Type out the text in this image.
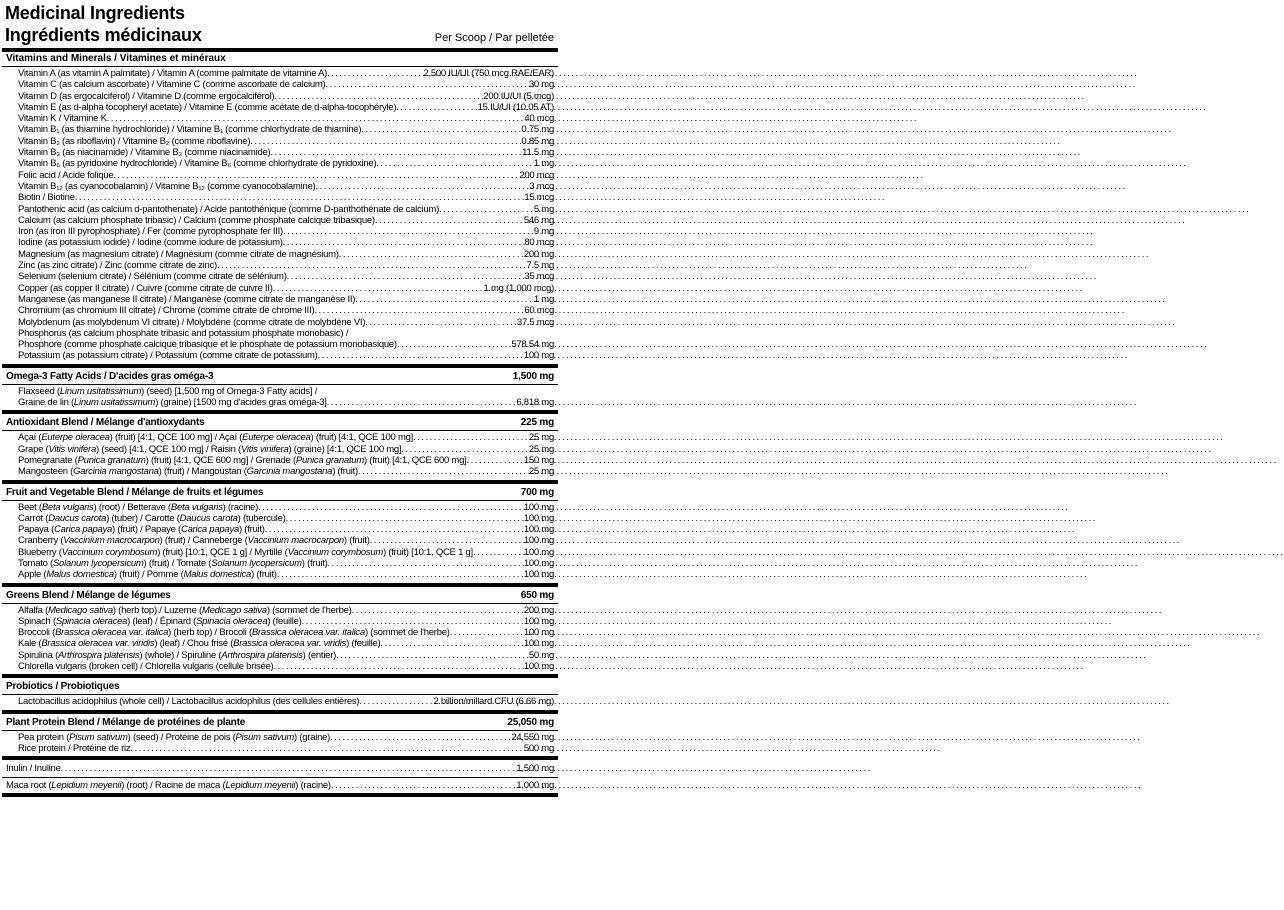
Medicinal Ingredients
Ingrédients médicinaux	Per Scoop / Par pelletée
Vitamins and Minerals / Vitamines et minéraux
Vitamin A (as vitamin A palmitate) / Vitamin A (comme palmitate de vitamine A) .....	2,500 IU/UI (750 mcg RAE/EAR)
Vitamin C (as calcium ascorbate) / Vitamine C (comme ascorbate de calcium) .....	30 mg
Vitamin D (as ergocalciferol) / Vitamine D (comme ergocalciférol) .....	200 IU/UI (5 mcg)
Vitamin E (as d-alpha tocopheryl acetate) / Vitamine E (comme acétate de d-alpha-tocophéryle) .....	15 IU/UI (10.05 AT)
Vitamin K / Vitamine K .....	40 mcg
Vitamin B₁ (as thiamine hydrochloride) / Vitamine B₁ (comme chlorhydrate de thiamine) .....	0.75 mg
Vitamin B₂ (as riboflavin) / Vitamine B₂ (comme riboflavine) .....	0.85 mg
Vitamin B₃ (as niacinamide) / Vitamine B₃ (comme niacinamide) .....	11.5 mg
Vitamin B₆ (as pyridoxine hydrochloride) / Vitamine B₆ (comme chlorhydrate de pyridoxine) .....	1 mg
Folic acid / Acide folique .....	200 mcg
Vitamin B₁₂ (as cyanocobalamin) / Vitamine B₁₂ (comme cyanocobalamine) .....	3 mcg
Biotin / Biotine .....	15 mcg
Pantothenic acid (as calcium d-pantothenate) / Acide pantothénique (comme D-panthothénate de calcium) .....	5 mg
Calcium (as calcium phosphate tribasic) / Calcium (comme phosphate calcique tribasique) .....	546 mg
Iron (as iron III pyrophosphate) / Fer (comme pyrophosphate fer III) .....	9 mg
Iodine (as potassium iodide) / Iodine (comme iodure de potassium) .....	80 mcg
Magnesium (as magnesium citrate) / Magnésium (comme citrate de magnésium) .....	200 mg
Zinc (as zinc citrate) / Zinc (comme citrate de zinc) .....	7.5 mg
Selenium (selenium citrate) / Sélénium (comme citrate de sélénium) .....	35 mcg
Copper (as copper II citrate) / Cuivre (comme citrate de cuivre II) .....	1 mg (1,000 mcg)
Manganese (as manganese II citrate) / Manganèse (comme citrate de manganèse II) .....	1 mg
Chromium (as chromium III citrate) / Chrome (comme citrate de chrome III) .....	60 mcg
Molybdenum (as molybdenum VI citrate) / Molybdène (comme citrate de molybdène VI) .....	37.5 mcg
Phosphorus (as calcium phosphate tribasic and potassium phosphate monobasic) /
Phosphore (comme phosphate calcique tribasique et le phosphate de potassium monobasique) .....	578.54 mg
Potassium (as potassium citrate) / Potassium (comme citrate de potassium) .....	100 mg
Omega-3 Fatty Acids / D'acides gras oméga-3	1,500 mg
Flaxseed (Linum usitatissimum) (seed) [1,500 mg of Omega-3 Fatty acids] /
Graine de lin (Linum usitatissimum) (graine) [1500 mg d'acides gras oméga-3] .....	6,818 mg
Antioxidant Blend / Mélange d'antioxydants	225 mg
Açaí (Euterpe oleracea) (fruit) [4:1, QCE 100 mg] / Açaí (Euterpe oleracea) (fruit) [4:1, QCE 100 mg] .....	25 mg
Grape (Vitis vinifera) (seed) [4:1, QCE 100 mg] / Raisin (Vitis vinifera) (graine) [4:1, QCE 100 mg] .....	25 mg
Pomegranate (Punica granatum) (fruit) [4:1, QCE 600 mg] / Grenade (Punica granatum) (fruit) [4:1, QCE 600 mg] .....	150 mg
Mangosteen (Garcinia mangostana) (fruit) / Mangoustan (Garcinia mangostana) (fruit) .....	25 mg
Fruit and Vegetable Blend / Mélange de fruits et légumes	700 mg
Beet (Beta vulgaris) (root) / Betterave (Beta vulgaris) (racine) .....	100 mg
Carrot (Daucus carota) (tuber) / Carotte (Daucus carota) (tubercule) .....	100 mg
Papaya (Carica papaya) (fruit) / Papaye (Carica papaya) (fruit) .....	100 mg
Cranberry (Vaccinium macrocarpon) (fruit) / Canneberge (Vaccinium macrocarpon) (fruit) .....	100 mg
Blueberry (Vaccinium corymbosum) (fruit) [10:1, QCE 1 g] / Myrtille (Vaccinium corymbosum) (fruit) [10:1, QCE 1 g] .....	100 mg
Tomato (Solanum lycopersicum) (fruit) / Tomate (Solanum lycopersicum) (fruit) .....	100 mg
Apple (Malus domestica) (fruit) / Pomme (Malus domestica) (fruit) .....	100 mg
Greens Blend / Mélange de légumes	650 mg
Alfalfa (Medicago sativa) (herb top) / Luzerne (Medicago sativa) (sommet de l'herbe) .....	200 mg
Spinach (Spinacia oleracea) (leaf) / Épinard (Spinacia oleracea) (feuille) .....	100 mg
Broccoli (Brassica oleracea var. italica) (herb top) / Brocoli (Brassica oleracea var. italica) (sommet de l'herbe) .....	100 mg
Kale (Brassica oleracea var. viridis) (leaf) / Chou frisé (Brassica oleracea var. viridis) (feuille) .....	100 mg
Spirulina (Arthrospira platensis) (whole) / Spiruline (Arthrospira platensis) (entier) .....	50 mg
Chlorella vulgaris (broken cell) / Chlorella vulgaris (cellule brisée) .....	100 mg
Probiotics / Probiotiques
Lactobacillus acidophilus (whole cell) / Lactobacillus acidophilus (des cellules entières) .....	2 billion/millard CFU (6.66 mg)
Plant Protein Blend / Mélange de protéines de plante	25,050 mg
Pea protein (Pisum sativum) (seed) / Protéine de pois (Pisum sativum) (graine) .....	24,550 mg
Rice protein / Protéine de riz .....	500 mg
Inulin / Inuline .....	1,500 mg
Maca root (Lepidium meyenii) (root) / Racine de maca (Lepidium meyenii) (racine) .....	1,000 mg
